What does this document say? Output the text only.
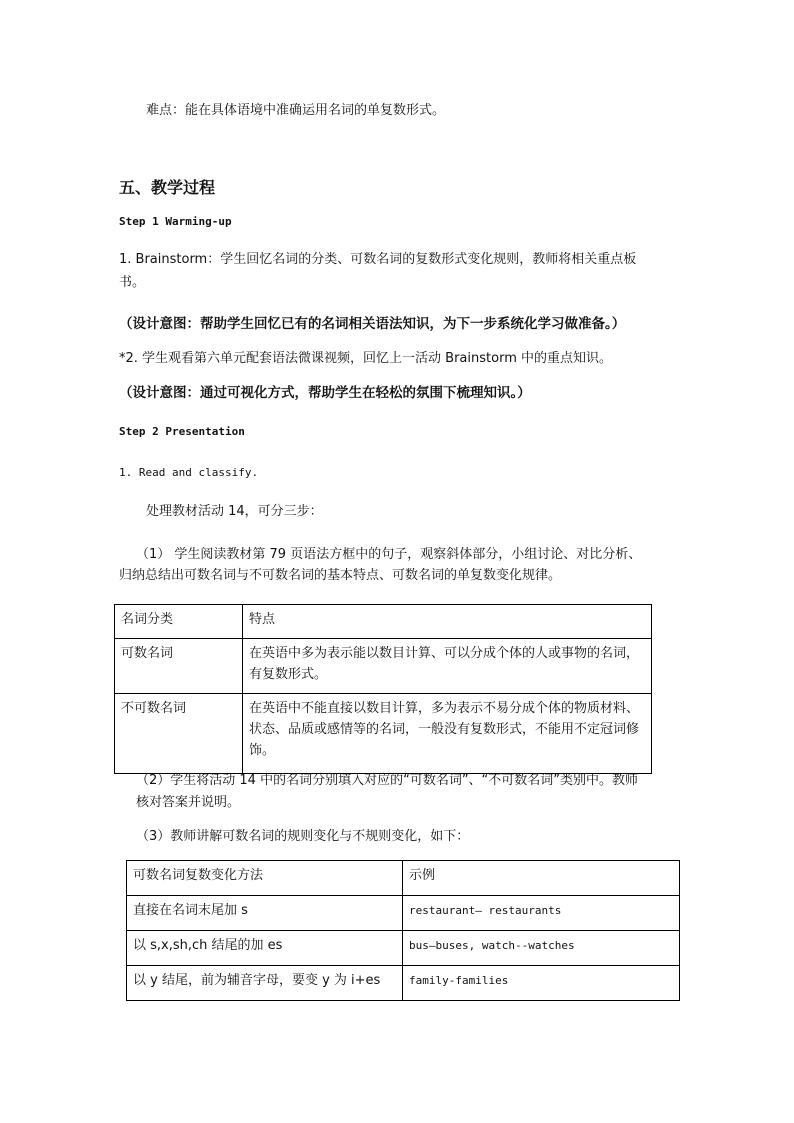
难点：能在具体语境中准确运用名词的单复数形式。
五、教学过程
Step 1 Warming-up
1. Brainstorm：学生回忆名词的分类、可数名词的复数形式变化规则，教师将相关重点板
书。
（设计意图：帮助学生回忆已有的名词相关语法知识，为下一步系统化学习做准备。）
*2. 学生观看第六单元配套语法微课视频，回忆上一活动 Brainstorm 中的重点知识。
（设计意图：通过可视化方式，帮助学生在轻松的氛围下梳理知识。）
Step 2 Presentation
1. Read and classify.
处理教材活动 14，可分三步：
（1） 学生阅读教材第 79 页语法方框中的句子，观察斜体部分，小组讨论、对比分析、
归纳总结出可数名词与不可数名词的基本特点、可数名词的单复数变化规律。
名词分类	特点
可数名词	在英语中多为表示能以数目计算、可以分成个体的人或事物的名词，有复数形式。
不可数名词	在英语中不能直接以数目计算，多为表示不易分成个体的物质材料、状态、品质或感情等的名词，一般没有复数形式，不能用不定冠词修饰。
（2）学生将活动 14 中的名词分别填入对应的“可数名词”、“不可数名词”类别中。教师
核对答案并说明。
（3）教师讲解可数名词的规则变化与不规则变化，如下：
可数名词复数变化方法	示例
直接在名词末尾加 s	restaurant— restaurants
以 s,x,sh,ch 结尾的加 es	bus—buses, watch--watches
以 y 结尾，前为辅音字母，要变 y 为 i+es	family-families
